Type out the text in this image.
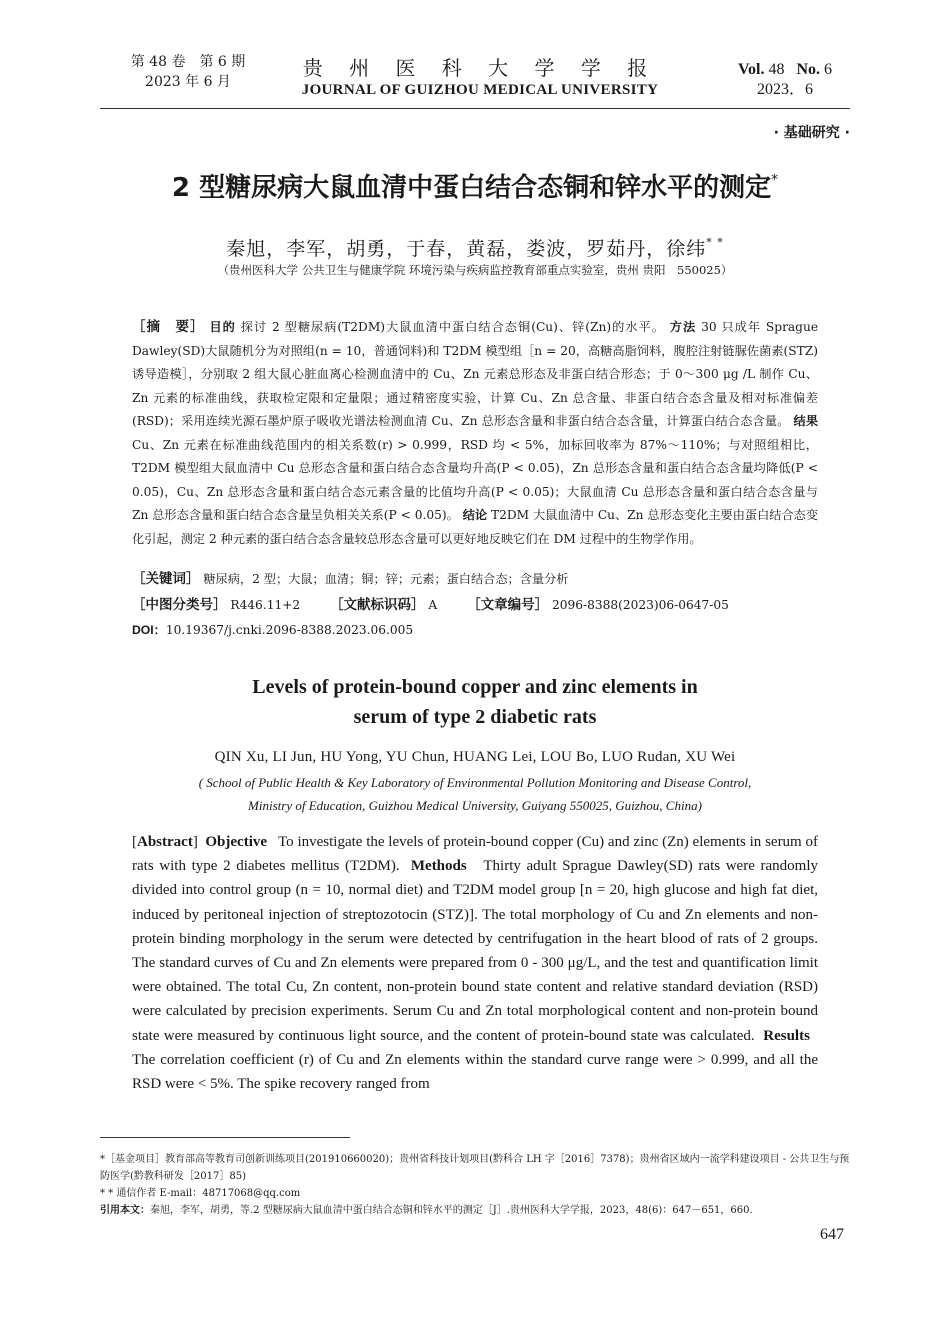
第 48 卷　第 6 期
2023 年 6 月
贵 州 医 科 大 学 学 报
JOURNAL OF GUIZHOU MEDICAL UNIVERSITY
Vol. 48 No. 6
2023．6
· 基础研究 ·
2 型糖尿病大鼠血清中蛋白结合态铜和锌水平的测定*
秦旭，李军，胡勇，于春，黄磊，娄波，罗茹丹，徐纬* *
（贵州医科大学 公共卫生与健康学院 环境污染与疾病监控教育部重点实验室，贵州 贵阳　550025）
［摘　要］ 目的 探讨 2 型糖尿病(T2DM)大鼠血清中蛋白结合态铜(Cu)、锌(Zn)的水平。 方法 30 只成年 Sprague Dawley(SD)大鼠随机分为对照组(n = 10，普通饲料)和 T2DM 模型组［n = 20，高糖高脂饲料，腹腔注射链脲佐菌素(STZ)诱导造模］，分别取 2 组大鼠心脏血离心检测血清中的 Cu、Zn 元素总形态及非蛋白结合形态；于 0～300 μg /L 制作 Cu、Zn 元素的标准曲线，获取检定限和定量限；通过精密度实验，计算 Cu、Zn 总含量、非蛋白结合态含量及相对标准偏差(RSD)；采用连续光源石墨炉原子吸收光谱法检测血清 Cu、Zn 总形态含量和非蛋白结合态含量，计算蛋白结合态含量。 结果 Cu、Zn 元素在标准曲线范围内的相关系数(r) > 0.999，RSD 均 < 5%，加标回收率为 87%～110%；与对照组相比，T2DM 模型组大鼠血清中 Cu 总形态含量和蛋白结合态含量均升高(P < 0.05)，Zn 总形态含量和蛋白结合态含量均降低(P < 0.05)，Cu、Zn 总形态含量和蛋白结合态元素含量的比值均升高(P < 0.05)；大鼠血清 Cu 总形态含量和蛋白结合态含量与 Zn 总形态含量和蛋白结合态含量呈负相关关系(P < 0.05)。 结论 T2DM 大鼠血清中 Cu、Zn 总形态变化主要由蛋白结合态变化引起，测定 2 种元素的蛋白结合态含量较总形态含量可以更好地反映它们在 DM 过程中的生物学作用。
［关键词］ 糖尿病，2 型；大鼠；血清；铜；锌；元素；蛋白结合态；含量分析
［中图分类号］ R446.11+2 ［文献标识码］ A ［文章编号］ 2096-8388(2023)06-0647-05
DOI：10.19367/j.cnki.2096-8388.2023.06.005
Levels of protein-bound copper and zinc elements in
serum of type 2 diabetic rats
QIN Xu, LI Jun, HU Yong, YU Chun, HUANG Lei, LOU Bo, LUO Rudan, XU Wei
( School of Public Health & Key Laboratory of Environmental Pollution Monitoring and Disease Control,
Ministry of Education, Guizhou Medical University, Guiyang 550025, Guizhou, China)
[Abstract]  Objective To investigate the levels of protein-bound copper (Cu) and zinc (Zn) elements in serum of rats with type 2 diabetes mellitus (T2DM). Methods Thirty adult Sprague Dawley(SD) rats were randomly divided into control group (n = 10, normal diet) and T2DM model group [n = 20, high glucose and high fat diet, induced by peritoneal injection of streptozotocin (STZ)]. The total morphology of Cu and Zn elements and non-protein binding morphology in the serum were detected by centrifugation in the heart blood of rats of 2 groups. The standard curves of Cu and Zn elements were prepared from 0 - 300 μg/L, and the test and quantification limit were obtained. The total Cu, Zn content, non-protein bound state content and relative standard deviation (RSD) were calculated by precision experiments. Serum Cu and Zn total morphological content and non-protein bound state were measured by continuous light source, and the content of protein-bound state was calculated. Results   The correlation coefficient (r) of Cu and Zn elements within the standard curve range were > 0.999, and all the RSD were < 5%. The spike recovery ranged from
*［基金项目］教育部高等教育司创新训练项目(201910660020)；贵州省科技计划项目(黔科合 LH 字［2016］7378)；贵州省区域内一流学科建设项目 - 公共卫生与预防医学(黔教科研发［2017］85)
* * 通信作者 E-mail：48717068@qq.com
引用本文：秦旭，李军，胡勇，等.2 型糖尿病大鼠血清中蛋白结合态铜和锌水平的测定［J］.贵州医科大学学报，2023，48(6)：647－651，660.
647
